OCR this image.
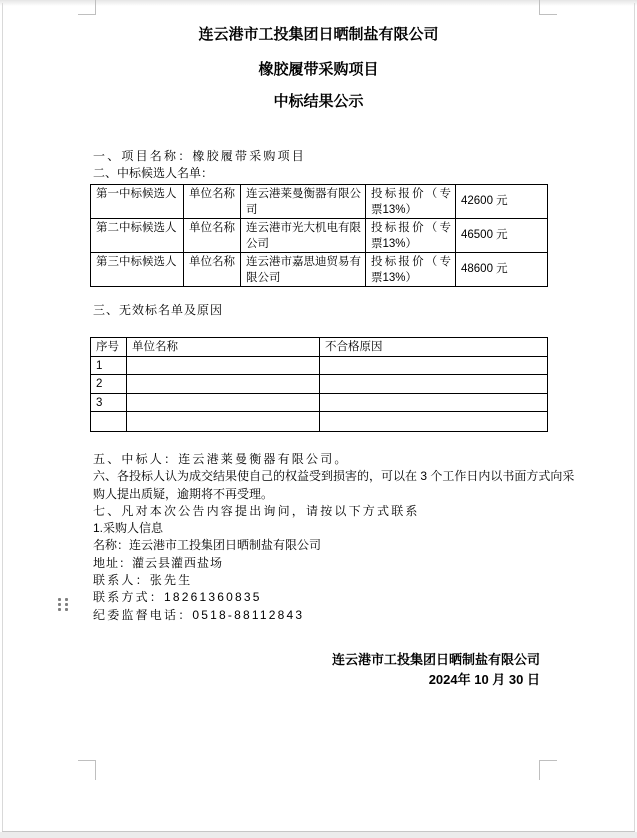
连云港市工投集团日晒制盐有限公司
橡胶履带采购项目
中标结果公示
一、项目名称：橡胶履带采购项目
二、中标候选人名单：
第一中标候选人	单位名称	连云港莱曼衡器有限公司	投标报价（专票13%）	42600 元
第二中标候选人	单位名称	连云港市光大机电有限公司	投标报价（专票13%）	46500 元
第三中标候选人	单位名称	连云港市嘉思迪贸易有限公司	投标报价（专票13%）	48600 元
三、无效标名单及原因
序号	单位名称	不合格原因
1		
2		
3		

五、中标人：连云港莱曼衡器有限公司。
六、各投标人认为成交结果使自己的权益受到损害的，可以在 3 个工作日内以书面方式向采
购人提出质疑，逾期将不再受理。
七、凡对本次公告内容提出询问，请按以下方式联系
1.采购人信息
名称：连云港市工投集团日晒制盐有限公司
地址：灌云县灌西盐场
联系人：张先生
联系方式：18261360835
纪委监督电话：0518-88112843
连云港市工投集团日晒制盐有限公司
2024年 10 月 30 日
